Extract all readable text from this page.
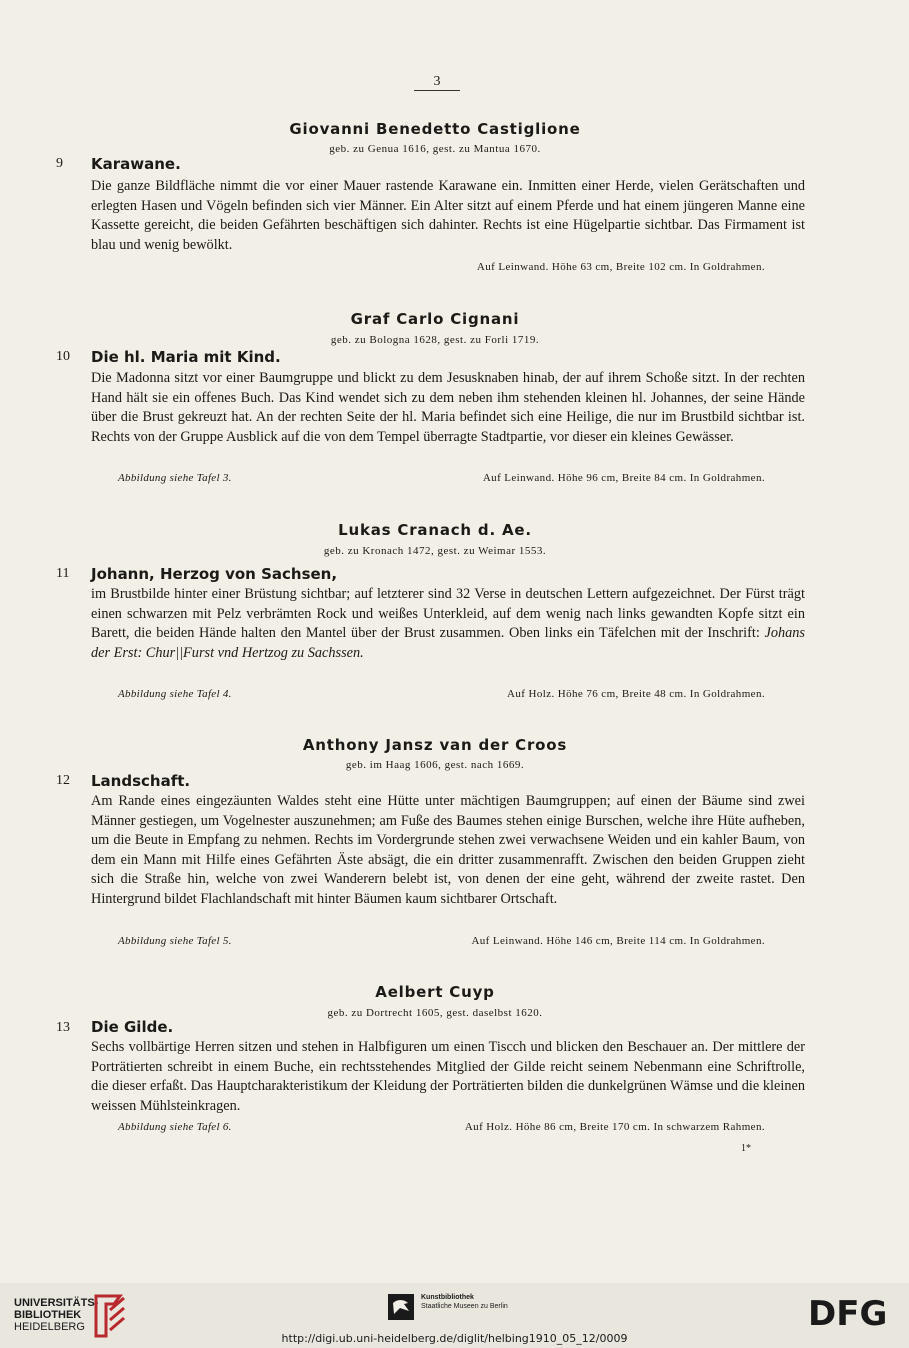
3
Giovanni Benedetto Castiglione
geb. zu Genua 1616, gest. zu Mantua 1670.
9 Karawane.

Die ganze Bildfläche nimmt die vor einer Mauer rastende Karawane ein. Inmitten einer Herde, vielen Gerätschaften und erlegten Hasen und Vögeln befinden sich vier Männer. Ein Alter sitzt auf einem Pferde und hat einem jüngeren Manne eine Kassette gereicht, die beiden Gefährten beschäftigen sich dahinter. Rechts ist eine Hügelpartie sichtbar. Das Firmament ist blau und wenig bewölkt.

Auf Leinwand. Höhe 63 cm, Breite 102 cm. In Goldrahmen.
Graf Carlo Cignani
geb. zu Bologna 1628, gest. zu Forli 1719.
10 Die hl. Maria mit Kind.

Die Madonna sitzt vor einer Baumgruppe und blickt zu dem Jesusknaben hinab, der auf ihrem Schoße sitzt. In der rechten Hand hält sie ein offenes Buch. Das Kind wendet sich zu dem neben ihm stehenden kleinen hl. Johannes, der seine Hände über die Brust gekreuzt hat. An der rechten Seite der hl. Maria befindet sich eine Heilige, die nur im Brustbild sichtbar ist. Rechts von der Gruppe Ausblick auf die von dem Tempel überragte Stadtpartie, vor dieser ein kleines Gewässer.

Abbildung siehe Tafel 3.	Auf Leinwand. Höhe 96 cm, Breite 84 cm. In Goldrahmen.
Lukas Cranach d. Ae.
geb. zu Kronach 1472, gest. zu Weimar 1553.
11 Johann, Herzog von Sachsen,

im Brustbilde hinter einer Brüstung sichtbar; auf letzterer sind 32 Verse in deutschen Lettern aufgezeichnet. Der Fürst trägt einen schwarzen mit Pelz verbrämten Rock und weißes Unterkleid, auf dem wenig nach links gewandten Kopfe sitzt ein Barett, die beiden Hände halten den Mantel über der Brust zusammen. Oben links ein Täfelchen mit der Inschrift: Johans der Erst: Chur||Furst vnd Hertzog zu Sachssen.

Abbildung siehe Tafel 4.	Auf Holz. Höhe 76 cm, Breite 48 cm. In Goldrahmen.
Anthony Jansz van der Croos
geb. im Haag 1606, gest. nach 1669.
12 Landschaft.

Am Rande eines eingezäunten Waldes steht eine Hütte unter mächtigen Baumgruppen; auf einen der Bäume sind zwei Männer gestiegen, um Vogelnester auszunehmen; am Fuße des Baumes stehen einige Burschen, welche ihre Hüte aufheben, um die Beute in Empfang zu nehmen. Rechts im Vordergrunde stehen zwei verwachsene Weiden und ein kahler Baum, von dem ein Mann mit Hilfe eines Gefährten Äste absägt, die ein dritter zusammenrafft. Zwischen den beiden Gruppen zieht sich die Straße hin, welche von zwei Wanderern belebt ist, von denen der eine geht, während der zweite rastet. Den Hintergrund bildet Flachlandschaft mit hinter Bäumen kaum sichtbarer Ortschaft.

Abbildung siehe Tafel 5.	Auf Leinwand. Höhe 146 cm, Breite 114 cm. In Goldrahmen.
Aelbert Cuyp
geb. zu Dortrecht 1605, gest. daselbst 1620.
13 Die Gilde.

Sechs vollbärtige Herren sitzen und stehen in Halbfiguren um einen Tiscch und blicken den Beschauer an. Der mittlere der Porträtierten schreibt in einem Buche, ein rechtsstehendes Mitglied der Gilde reicht seinem Nebenmann eine Schriftrolle, die dieser erfaßt. Das Hauptcharakteristikum der Kleidung der Porträtierten bilden die dunkelgrünen Wämse und die kleinen weissen Mühlsteinkragen.

Abbildung siehe Tafel 6.	Auf Holz. Höhe 86 cm, Breite 170 cm. In schwarzem Rahmen.
1*
UNIVERSITÄTS-
BIBLIOTHEK
HEIDELBERG
Kunstbibliothek
Staatliche Museen zu Berlin	DFG
http://digi.ub.uni-heidelberg.de/diglit/helbing1910_05_12/0009
